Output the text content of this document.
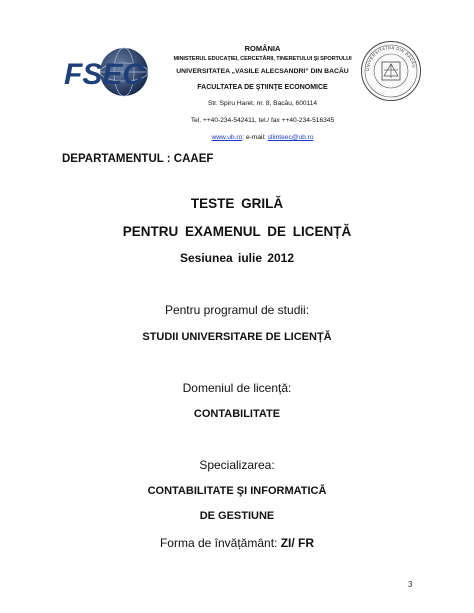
FSEC
ROMÂNIA
MINISTERUL EDUCAŢIEI, CERCETĂRII, TINERETULUI ŞI SPORTULUI
UNIVERSITATEA „VASILE ALECSANDRI” DIN BACĂU
FACULTATEA DE ŞTIINŢE ECONOMICE
Str. Spiru Haret, nr. 8, Bacău, 600114
Tel. ++40-234-542411, tel./ fax ++40-234-516345
www.ub.ro; e-mail: stiinteec@ub.ro
UNIVERSITATEA DIN BACĂU
DEPARTAMENTUL : CAAEF
TESTE GRILĂ
PENTRU EXAMENUL DE LICENȚĂ
Sesiunea iulie 2012
Pentru programul de studii:
STUDII UNIVERSITARE DE LICENȚĂ
Domeniul de licență:
CONTABILITATE
Specializarea:
CONTABILITATE ŞI INFORMATICĂ
DE GESTIUNE
Forma de învățământ: ZI/ FR
3
